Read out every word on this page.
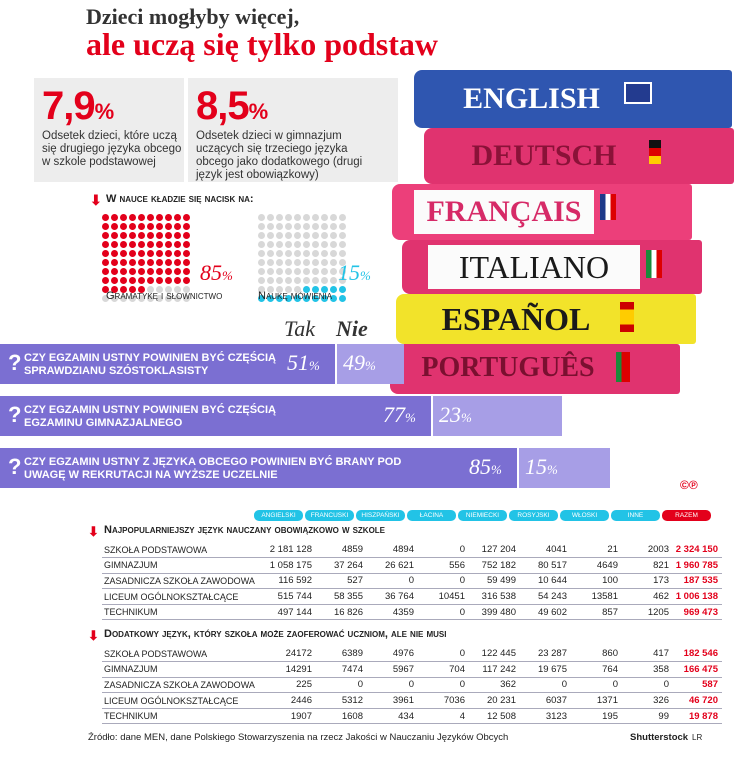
Dzieci mogłyby więcej,
ale uczą się tylko podstaw
7,9%
Odsetek dzieci, które uczą się drugiego języka obcego w szkole podstawowej
8,5%
Odsetek dzieci w gimnazjum uczących się trzeciego języka obcego jako dodatkowego (drugi język jest obowiązkowy)
⬇ W nauce kładzie się nacisk na:
85%
Gramatykę i słownictwo
15%
Naukę mówienia
ENGLISH
DEUTSCH
FRANÇAIS
ITALIANO
ESPAÑOL
PORTUGUÊS
Tak Nie
? CZY EGZAMIN USTNY POWINIEN BYĆ CZĘŚCIĄ SPRAWDZIANU SZÓSTOKLASISTY	51% 49%
? CZY EGZAMIN USTNY POWINIEN BYĆ CZĘŚCIĄ EGZAMINU GIMNAZJALNEGO	77% 23%
? CZY EGZAMIN USTNY Z JĘZYKA OBCEGO POWINIEN BYĆ BRANY POD UWAGĘ W REKRUTACJI NA WYŻSZE UCZELNIE	85% 15%
©℗
ANGIELSKI	FRANCUSKI	HISZPAŃSKI	ŁACINA	NIEMIECKI	ROSYJSKI	WŁOSKI	INNE	RAZEM
⬇ Najpopularniejszy język nauczany obowiązkowo w szkole
SZKOŁA PODSTAWOWA	2 181 128	4859	4894	0	127 204	4041	21	2003	2 324 150
GIMNAZJUM	1 058 175	37 264	26 621	556	752 182	80 517	4649	821	1 960 785
ZASADNICZA SZKOŁA ZAWODOWA	116 592	527	0	0	59 499	10 644	100	173	187 535
LICEUM OGÓLNOKSZTAŁCĄCE	515 744	58 355	36 764	10451	316 538	54 243	13581	462	1 006 138
TECHNIKUM	497 144	16 826	4359	0	399 480	49 602	857	1205	969 473
⬇ Dodatkowy język, który szkoła może zaoferować uczniom, ale nie musi
SZKOŁA PODSTAWOWA	24172	6389	4976	0	122 445	23 287	860	417	182 546
GIMNAZJUM	14291	7474	5967	704	117 242	19 675	764	358	166 475
ZASADNICZA SZKOŁA ZAWODOWA	225	0	0	0	362	0	0	0	587
LICEUM OGÓLNOKSZTAŁCĄCE	2446	5312	3961	7036	20 231	6037	1371	326	46 720
TECHNIKUM	1907	1608	434	4	12 508	3123	195	99	19 878
Źródło: dane MEN, dane Polskiego Stowarzyszenia na rzecz Jakości w Nauczaniu Języków Obcych	Shutterstock LR
